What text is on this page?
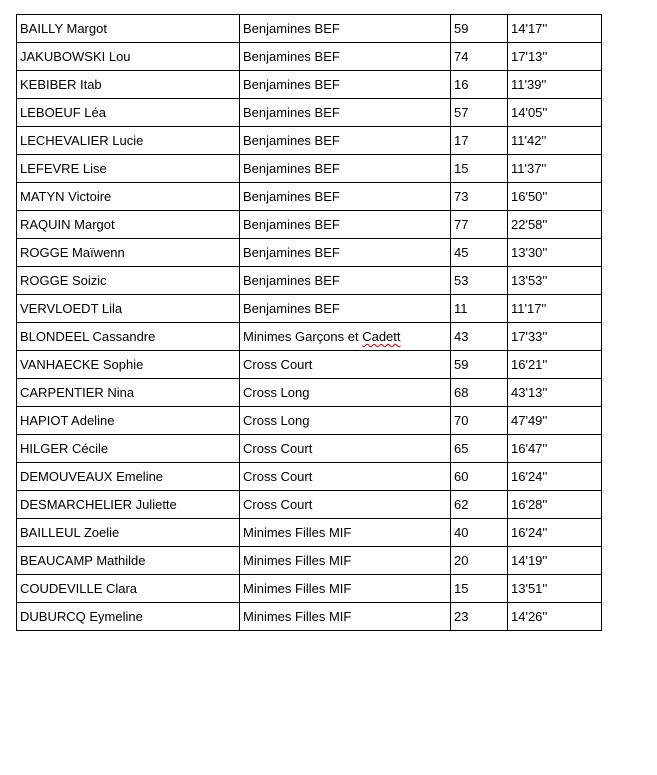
BAILLY Margot	Benjamines BEF	59	14'17''
JAKUBOWSKI Lou	Benjamines BEF	74	17'13''
KEBIBER Itab	Benjamines BEF	16	11'39''
LEBOEUF Léa	Benjamines BEF	57	14'05''
LECHEVALIER Lucie	Benjamines BEF	17	11'42''
LEFEVRE Lise	Benjamines BEF	15	11'37''
MATYN Victoire	Benjamines BEF	73	16'50''
RAQUIN Margot	Benjamines BEF	77	22'58''
ROGGE Maïwenn	Benjamines BEF	45	13'30''
ROGGE Soizic	Benjamines BEF	53	13'53''
VERVLOEDT Lila	Benjamines BEF	11	11'17''
BLONDEEL Cassandre	Minimes Garçons et Cadett	43	17'33''
VANHAECKE Sophie	Cross Court	59	16'21''
CARPENTIER Nina	Cross Long	68	43'13''
HAPIOT Adeline	Cross Long	70	47'49''
HILGER Cécile	Cross Court	65	16'47''
DEMOUVEAUX Emeline	Cross Court	60	16'24''
DESMARCHELIER Juliette	Cross Court	62	16'28''
BAILLEUL Zoelie	Minimes Filles MIF	40	16'24''
BEAUCAMP Mathilde	Minimes Filles MIF	20	14'19''
COUDEVILLE Clara	Minimes Filles MIF	15	13'51''
DUBURCQ Eymeline	Minimes Filles MIF	23	14'26''
